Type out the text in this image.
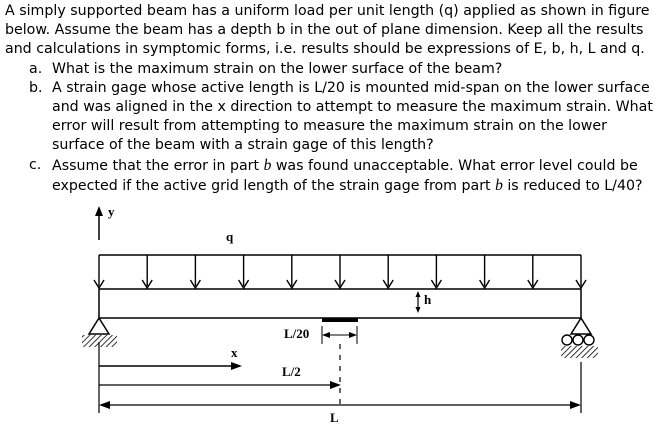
A simply supported beam has a uniform load per unit length (q) applied as shown in figure below. Assume the beam has a depth b in the out of plane dimension. Keep all the results and calculations in symptomic forms, i.e. results should be expressions of E, b, h, L and q.

a. What is the maximum strain on the lower surface of the beam?
b. A strain gage whose active length is L/20 is mounted mid-span on the lower surface and was aligned in the x direction to attempt to measure the maximum strain. What error will result from attempting to measure the maximum strain on the lower surface of the beam with a strain gage of this length?
c. Assume that the error in part b was found unacceptable. What error level could be expected if the active grid length of the strain gage from part b is reduced to L/40?
y
q
h
L/20
x
L/2
L
